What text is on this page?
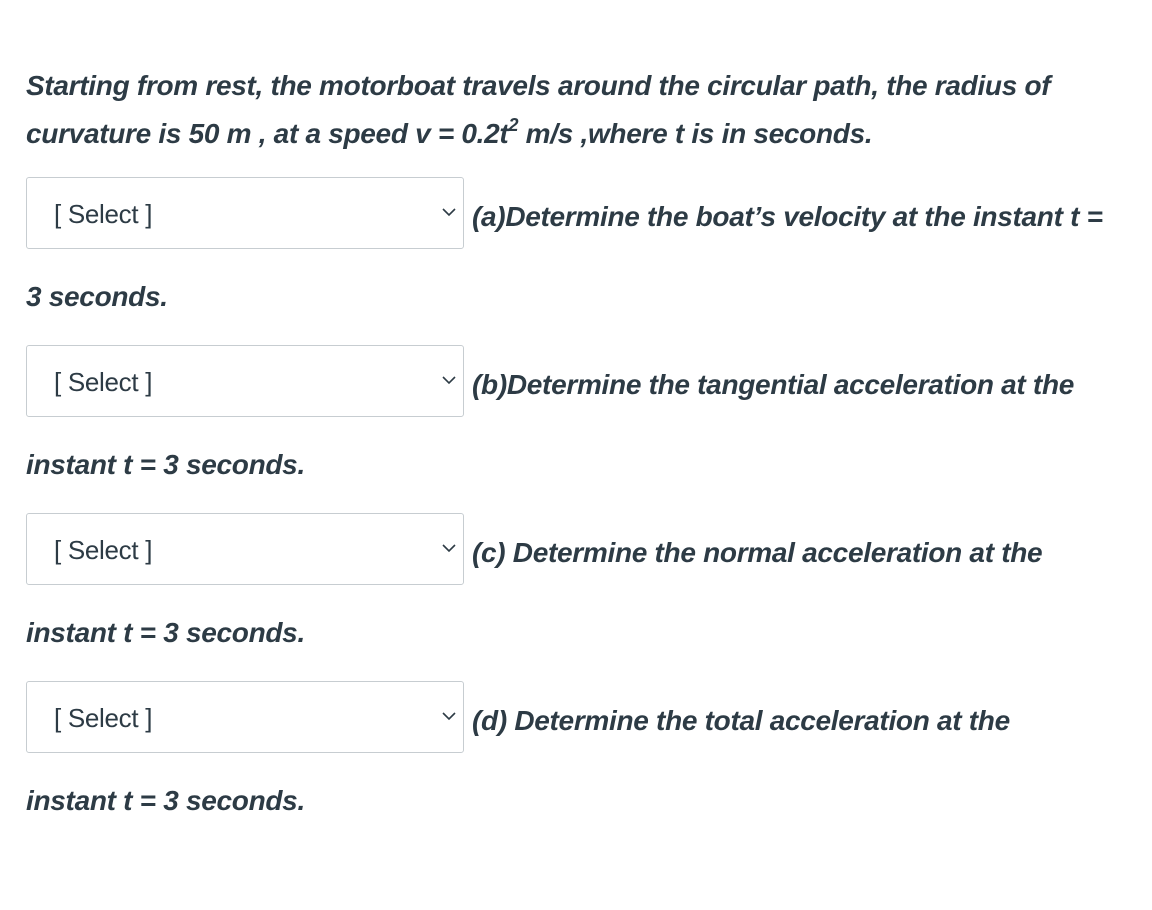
Starting from rest, the motorboat travels around the circular path, the radius of
curvature is 50 m , at a speed $v = 0.2t^2$ m/s ,where t is in seconds.
[ Select ]	(a)Determine the boat’s velocity at the instant t =
3 seconds.
[ Select ]	(b)Determine the tangential acceleration at the
instant t = 3 seconds.
[ Select ]	(c) Determine the normal acceleration at the
instant t = 3 seconds.
[ Select ]	(d) Determine the total acceleration at the
instant t = 3 seconds.
